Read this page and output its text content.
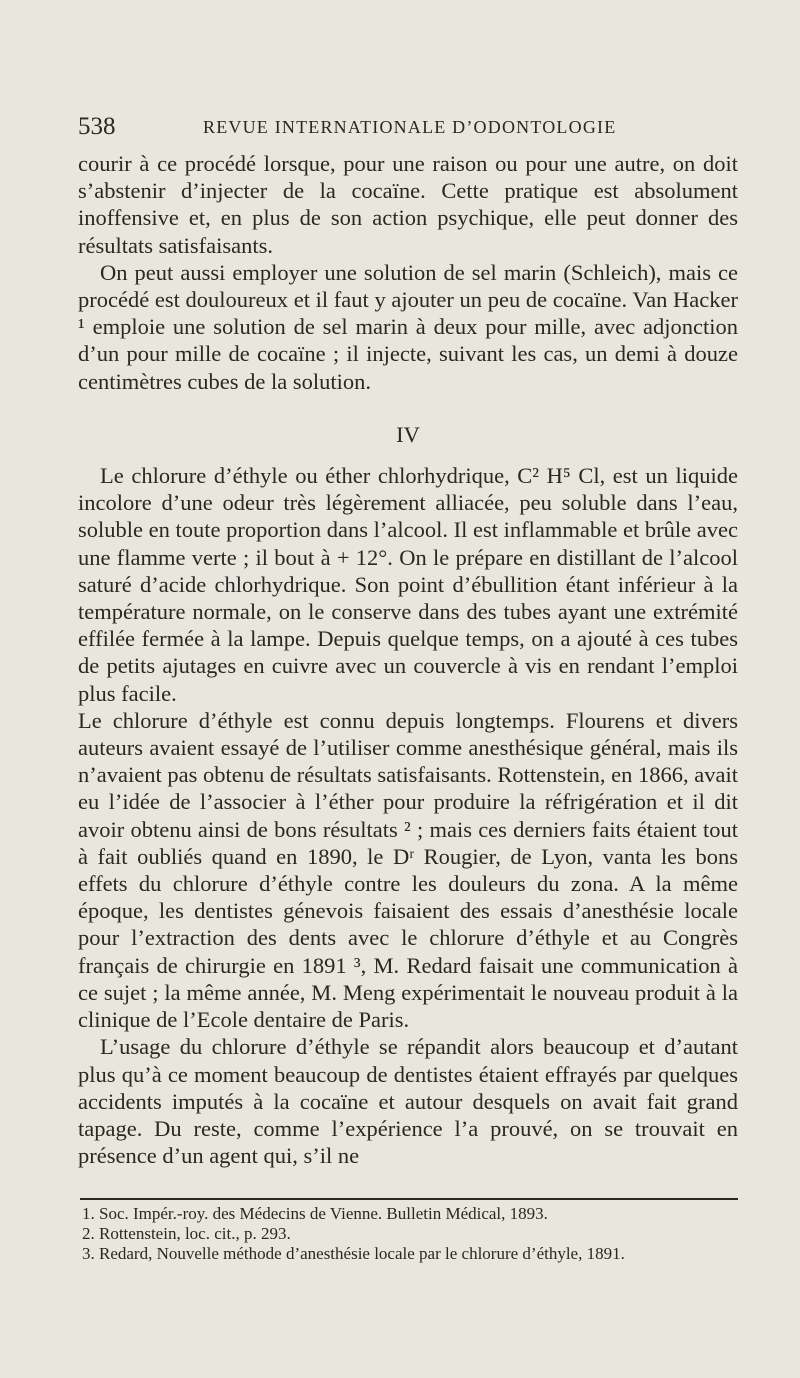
538	REVUE INTERNATIONALE D’ODONTOLOGIE

courir à ce procédé lorsque, pour une raison ou pour une autre, on doit s’abstenir d’injecter de la cocaïne. Cette pratique est absolument inoffensive et, en plus de son action psychique, elle peut donner des résultats satisfaisants.

On peut aussi employer une solution de sel marin (Schleich), mais ce procédé est douloureux et il faut y ajouter un peu de cocaïne. Van Hacker ¹ emploie une solution de sel marin à deux pour mille, avec adjonction d’un pour mille de cocaïne ; il injecte, suivant les cas, un demi à douze centimètres cubes de la solution.

IV

Le chlorure d’éthyle ou éther chlorhydrique, C² H⁵ Cl, est un liquide incolore d’une odeur très légèrement alliacée, peu soluble dans l’eau, soluble en toute proportion dans l’alcool. Il est inflammable et brûle avec une flamme verte ; il bout à + 12°. On le prépare en distillant de l’alcool saturé d’acide chlorhydrique. Son point d’ébullition étant inférieur à la température normale, on le conserve dans des tubes ayant une extrémité effilée fermée à la lampe. Depuis quelque temps, on a ajouté à ces tubes de petits ajutages en cuivre avec un couvercle à vis en rendant l’emploi plus facile.

Le chlorure d’éthyle est connu depuis longtemps. Flourens et divers auteurs avaient essayé de l’utiliser comme anesthésique général, mais ils n’avaient pas obtenu de résultats satisfaisants. Rottenstein, en 1866, avait eu l’idée de l’associer à l’éther pour produire la réfrigération et il dit avoir obtenu ainsi de bons résultats ² ; mais ces derniers faits étaient tout à fait oubliés quand en 1890, le Dʳ Rougier, de Lyon, vanta les bons effets du chlorure d’éthyle contre les douleurs du zona. A la même époque, les dentistes génevois faisaient des essais d’anesthésie locale pour l’extraction des dents avec le chlorure d’éthyle et au Congrès français de chirurgie en 1891 ³, M. Redard faisait une communication à ce sujet ; la même année, M. Meng expérimentait le nouveau produit à la clinique de l’Ecole dentaire de Paris.

L’usage du chlorure d’éthyle se répandit alors beaucoup et d’autant plus qu’à ce moment beaucoup de dentistes étaient effrayés par quelques accidents imputés à la cocaïne et autour desquels on avait fait grand tapage. Du reste, comme l’expérience l’a prouvé, on se trouvait en présence d’un agent qui, s’il ne

1. Soc. Impér.-roy. des Médecins de Vienne. Bulletin Médical, 1893.
2. Rottenstein, loc. cit., p. 293.
3. Redard, Nouvelle méthode d’anesthésie locale par le chlorure d’éthyle, 1891.
